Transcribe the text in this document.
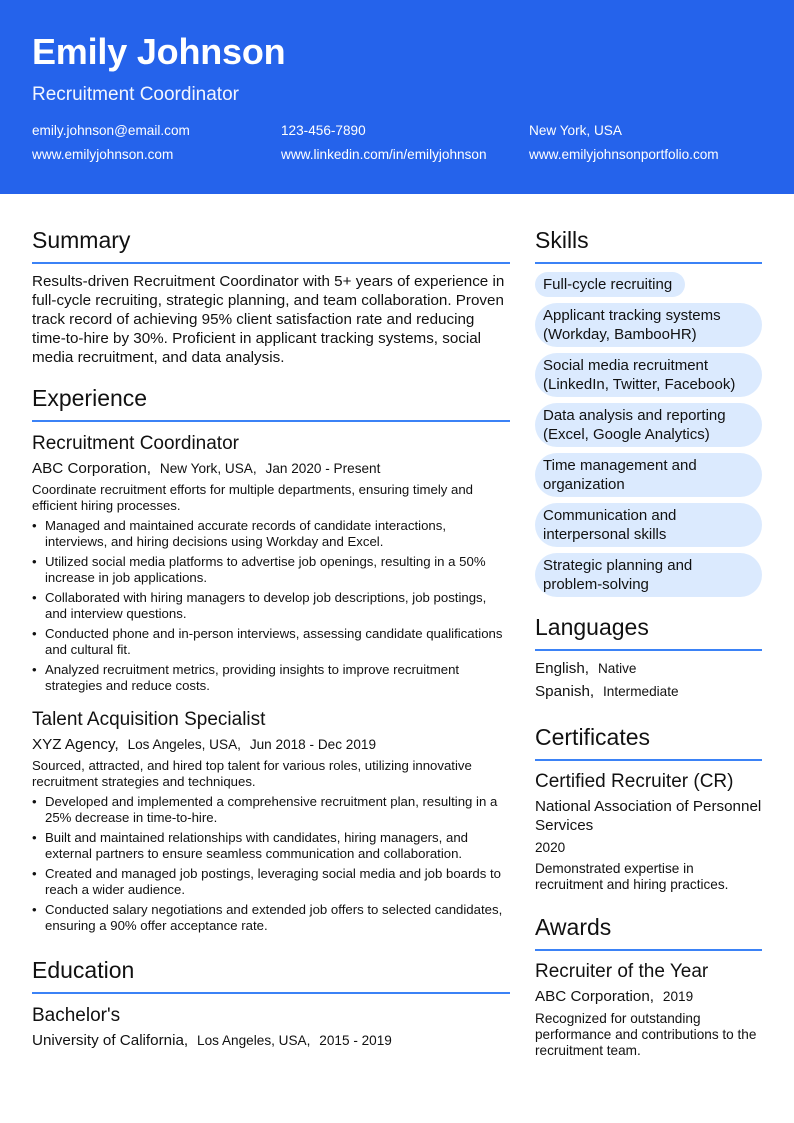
Emily Johnson
Recruitment Coordinator
emily.johnson@email.com	123-456-7890	New York, USA
www.emilyjohnson.com	www.linkedin.com/in/emilyjohnson	www.emilyjohnsonportfolio.com
Summary
Results-driven Recruitment Coordinator with 5+ years of experience in full-cycle recruiting, strategic planning, and team collaboration. Proven track record of achieving 95% client satisfaction rate and reducing time-to-hire by 30%. Proficient in applicant tracking systems, social media recruitment, and data analysis.
Experience
Recruitment Coordinator
ABC Corporation, New York, USA, Jan 2020 - Present
Coordinate recruitment efforts for multiple departments, ensuring timely and efficient hiring processes.
• Managed and maintained accurate records of candidate interactions, interviews, and hiring decisions using Workday and Excel.
• Utilized social media platforms to advertise job openings, resulting in a 50% increase in job applications.
• Collaborated with hiring managers to develop job descriptions, job postings, and interview questions.
• Conducted phone and in-person interviews, assessing candidate qualifications and cultural fit.
• Analyzed recruitment metrics, providing insights to improve recruitment strategies and reduce costs.
Talent Acquisition Specialist
XYZ Agency, Los Angeles, USA, Jun 2018 - Dec 2019
Sourced, attracted, and hired top talent for various roles, utilizing innovative recruitment strategies and techniques.
• Developed and implemented a comprehensive recruitment plan, resulting in a 25% decrease in time-to-hire.
• Built and maintained relationships with candidates, hiring managers, and external partners to ensure seamless communication and collaboration.
• Created and managed job postings, leveraging social media and job boards to reach a wider audience.
• Conducted salary negotiations and extended job offers to selected candidates, ensuring a 90% offer acceptance rate.
Education
Bachelor's
University of California, Los Angeles, USA, 2015 - 2019
Skills
Full-cycle recruiting
Applicant tracking systems (Workday, BambooHR)
Social media recruitment (LinkedIn, Twitter, Facebook)
Data analysis and reporting (Excel, Google Analytics)
Time management and organization
Communication and interpersonal skills
Strategic planning and problem-solving
Languages
English, Native
Spanish, Intermediate
Certificates
Certified Recruiter (CR)
National Association of Personnel Services
2020
Demonstrated expertise in recruitment and hiring practices.
Awards
Recruiter of the Year
ABC Corporation, 2019
Recognized for outstanding performance and contributions to the recruitment team.
